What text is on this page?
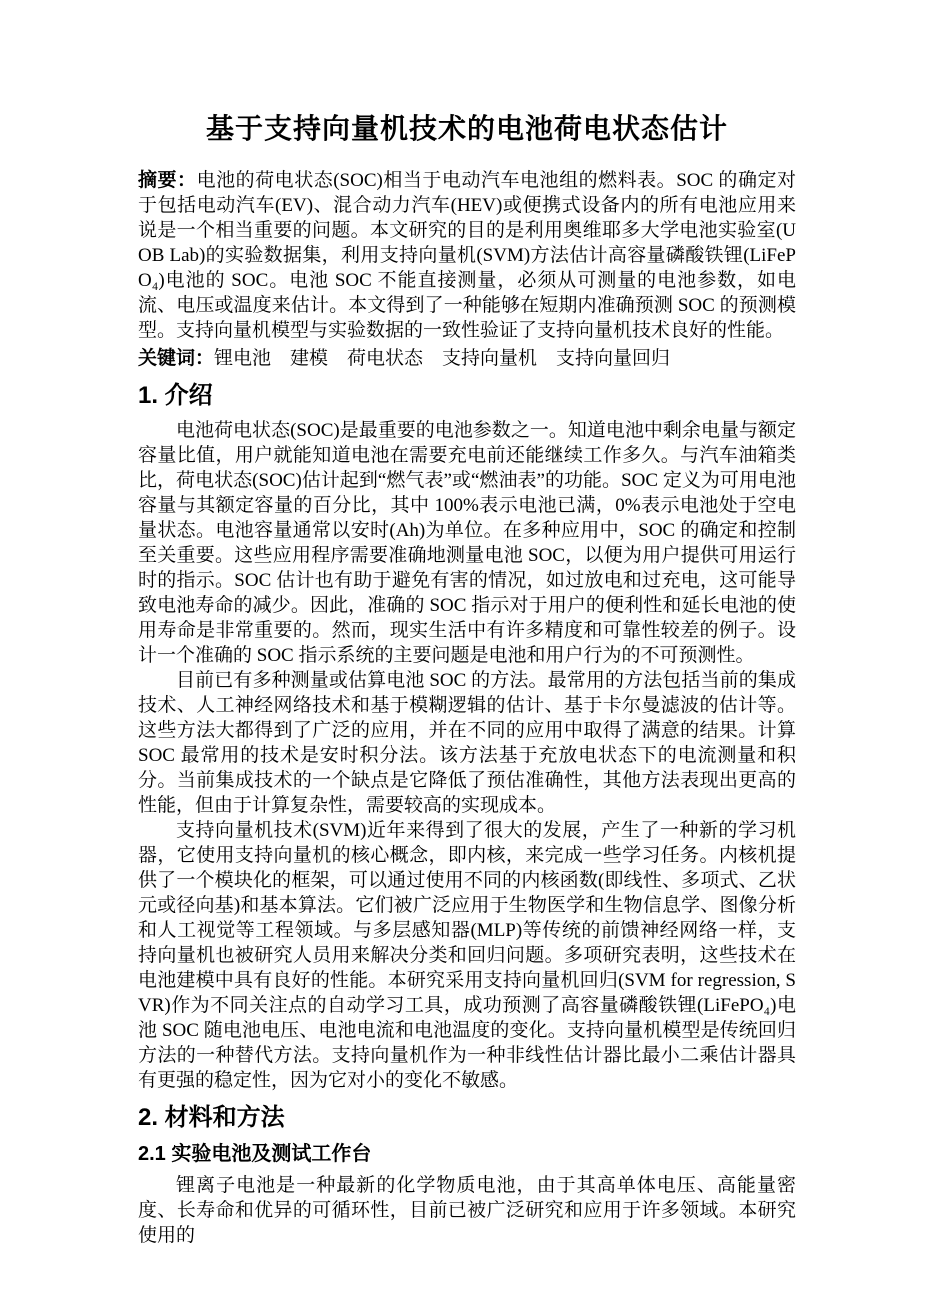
基于支持向量机技术的电池荷电状态估计

摘要：电池的荷电状态(SOC)相当于电动汽车电池组的燃料表。SOC 的确定对于包括电动汽车(EV)、混合动力汽车(HEV)或便携式设备内的所有电池应用来说是一个相当重要的问题。本文研究的目的是利用奥维耶多大学电池实验室(UOB Lab)的实验数据集，利用支持向量机(SVM)方法估计高容量磷酸铁锂(LiFePO₄)电池的 SOC。电池 SOC 不能直接测量，必须从可测量的电池参数，如电流、电压或温度来估计。本文得到了一种能够在短期内准确预测 SOC 的预测模型。支持向量机模型与实验数据的一致性验证了支持向量机技术良好的性能。

关键词：锂电池　建模　荷电状态　支持向量机　支持向量回归

1. 介绍

电池荷电状态(SOC)是最重要的电池参数之一。知道电池中剩余电量与额定容量比值，用户就能知道电池在需要充电前还能继续工作多久。与汽车油箱类比，荷电状态(SOC)估计起到“燃气表”或“燃油表”的功能。SOC 定义为可用电池容量与其额定容量的百分比，其中 100%表示电池已满，0%表示电池处于空电量状态。电池容量通常以安时(Ah)为单位。在多种应用中，SOC 的确定和控制至关重要。这些应用程序需要准确地测量电池 SOC，以便为用户提供可用运行时的指示。SOC 估计也有助于避免有害的情况，如过放电和过充电，这可能导致电池寿命的减少。因此，准确的 SOC 指示对于用户的便利性和延长电池的使用寿命是非常重要的。然而，现实生活中有许多精度和可靠性较差的例子。设计一个准确的 SOC 指示系统的主要问题是电池和用户行为的不可预测性。

目前已有多种测量或估算电池 SOC 的方法。最常用的方法包括当前的集成技术、人工神经网络技术和基于模糊逻辑的估计、基于卡尔曼滤波的估计等。这些方法大都得到了广泛的应用，并在不同的应用中取得了满意的结果。计算 SOC 最常用的技术是安时积分法。该方法基于充放电状态下的电流测量和积分。当前集成技术的一个缺点是它降低了预估准确性，其他方法表现出更高的性能，但由于计算复杂性，需要较高的实现成本。

支持向量机技术(SVM)近年来得到了很大的发展，产生了一种新的学习机器，它使用支持向量机的核心概念，即内核，来完成一些学习任务。内核机提供了一个模块化的框架，可以通过使用不同的内核函数(即线性、多项式、乙状元或径向基)和基本算法。它们被广泛应用于生物医学和生物信息学、图像分析和人工视觉等工程领域。与多层感知器(MLP)等传统的前馈神经网络一样，支持向量机也被研究人员用来解决分类和回归问题。多项研究表明，这些技术在电池建模中具有良好的性能。本研究采用支持向量机回归(SVM for regression, SVR)作为不同关注点的自动学习工具，成功预测了高容量磷酸铁锂(LiFePO₄)电池 SOC 随电池电压、电池电流和电池温度的变化。支持向量机模型是传统回归方法的一种替代方法。支持向量机作为一种非线性估计器比最小二乘估计器具有更强的稳定性，因为它对小的变化不敏感。

2. 材料和方法
2.1 实验电池及测试工作台

锂离子电池是一种最新的化学物质电池，由于其高单体电压、高能量密度、长寿命和优异的可循环性，目前已被广泛研究和应用于许多领域。本研究使用的
